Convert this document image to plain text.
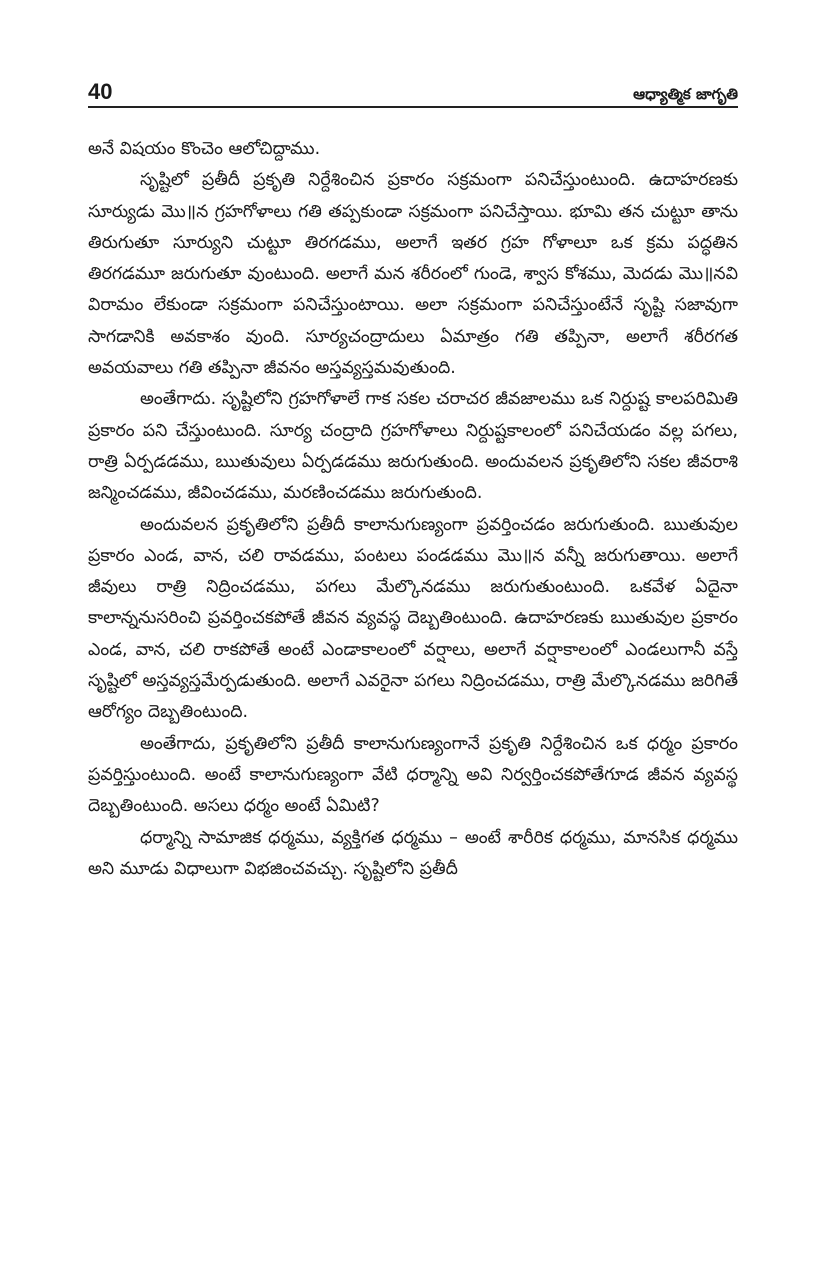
40	ఆధ్యాత్మిక జాగృతి

అనే విషయం కొంచెం ఆలోచిద్దాము.

సృష్టిలో ప్రతీదీ ప్రకృతి నిర్దేశించిన ప్రకారం సక్రమంగా పనిచేస్తుంటుంది. ఉదాహరణకు సూర్యుడు మొ॥న గ్రహగోళాలు గతి తప్పకుండా సక్రమంగా పనిచేస్తాయి. భూమి తన చుట్టూ తాను తిరుగుతూ సూర్యుని చుట్టూ తిరగడము, అలాగే ఇతర గ్రహ గోళాలూ ఒక క్రమ పద్ధతిన తిరగడమూ జరుగుతూ వుంటుంది. అలాగే మన శరీరంలో గుండె, శ్వాస కోశము, మెదడు మొ॥నవి విరామం లేకుండా సక్రమంగా పనిచేస్తుంటాయి. అలా సక్రమంగా పనిచేస్తుంటేనే సృష్టి సజావుగా సాగడానికి అవకాశం వుంది. సూర్యచంద్రాదులు ఏమాత్రం గతి తప్పినా, అలాగే శరీరగత అవయవాలు గతి తప్పినా జీవనం అస్తవ్యస్తమవుతుంది.

అంతేగాదు. సృష్టిలోని గ్రహగోళాలే గాక సకల చరాచర జీవజాలము ఒక నిర్దుష్ట కాలపరిమితి ప్రకారం పని చేస్తుంటుంది. సూర్య చంద్రాది గ్రహగోళాలు నిర్దుష్టకాలంలో పనిచేయడం వల్ల పగలు, రాత్రి ఏర్పడడము, ఋతువులు ఏర్పడడము జరుగుతుంది. అందువలన ప్రకృతిలోని సకల జీవరాశి జన్మించడము, జీవించడము, మరణించడము జరుగుతుంది.

అందువలన ప్రకృతిలోని ప్రతీదీ కాలానుగుణ్యంగా ప్రవర్తించడం జరుగుతుంది. ఋతువుల ప్రకారం ఎండ, వాన, చలి రావడము, పంటలు పండడము మొ॥న వన్నీ జరుగుతాయి. అలాగే జీవులు రాత్రి నిద్రించడము, పగలు మేల్కొనడము జరుగుతుంటుంది. ఒకవేళ ఏదైనా కాలాన్ననుసరించి ప్రవర్తించకపోతే జీవన వ్యవస్థ దెబ్బతింటుంది. ఉదాహరణకు ఋతువుల ప్రకారం ఎండ, వాన, చలి రాకపోతే అంటే ఎండాకాలంలో వర్షాలు, అలాగే వర్షాకాలంలో ఎండలుగానీ వస్తే సృష్టిలో అస్తవ్యస్తమేర్పడుతుంది. అలాగే ఎవరైనా పగలు నిద్రించడము, రాత్రి మేల్కొనడము జరిగితే ఆరోగ్యం దెబ్బతింటుంది.

అంతేగాదు, ప్రకృతిలోని ప్రతీదీ కాలానుగుణ్యంగానే ప్రకృతి నిర్దేశించిన ఒక ధర్మం ప్రకారం ప్రవర్తిస్తుంటుంది. అంటే కాలానుగుణ్యంగా వేటి ధర్మాన్ని అవి నిర్వర్తించకపోతేగూడ జీవన వ్యవస్థ దెబ్బతింటుంది. అసలు ధర్మం అంటే ఏమిటి?

ధర్మాన్ని సామాజిక ధర్మము, వ్యక్తిగత ధర్మము – అంటే శారీరిక ధర్మము, మానసిక ధర్మము అని మూడు విధాలుగా విభజించవచ్చు. సృష్టిలోని ప్రతీదీ
